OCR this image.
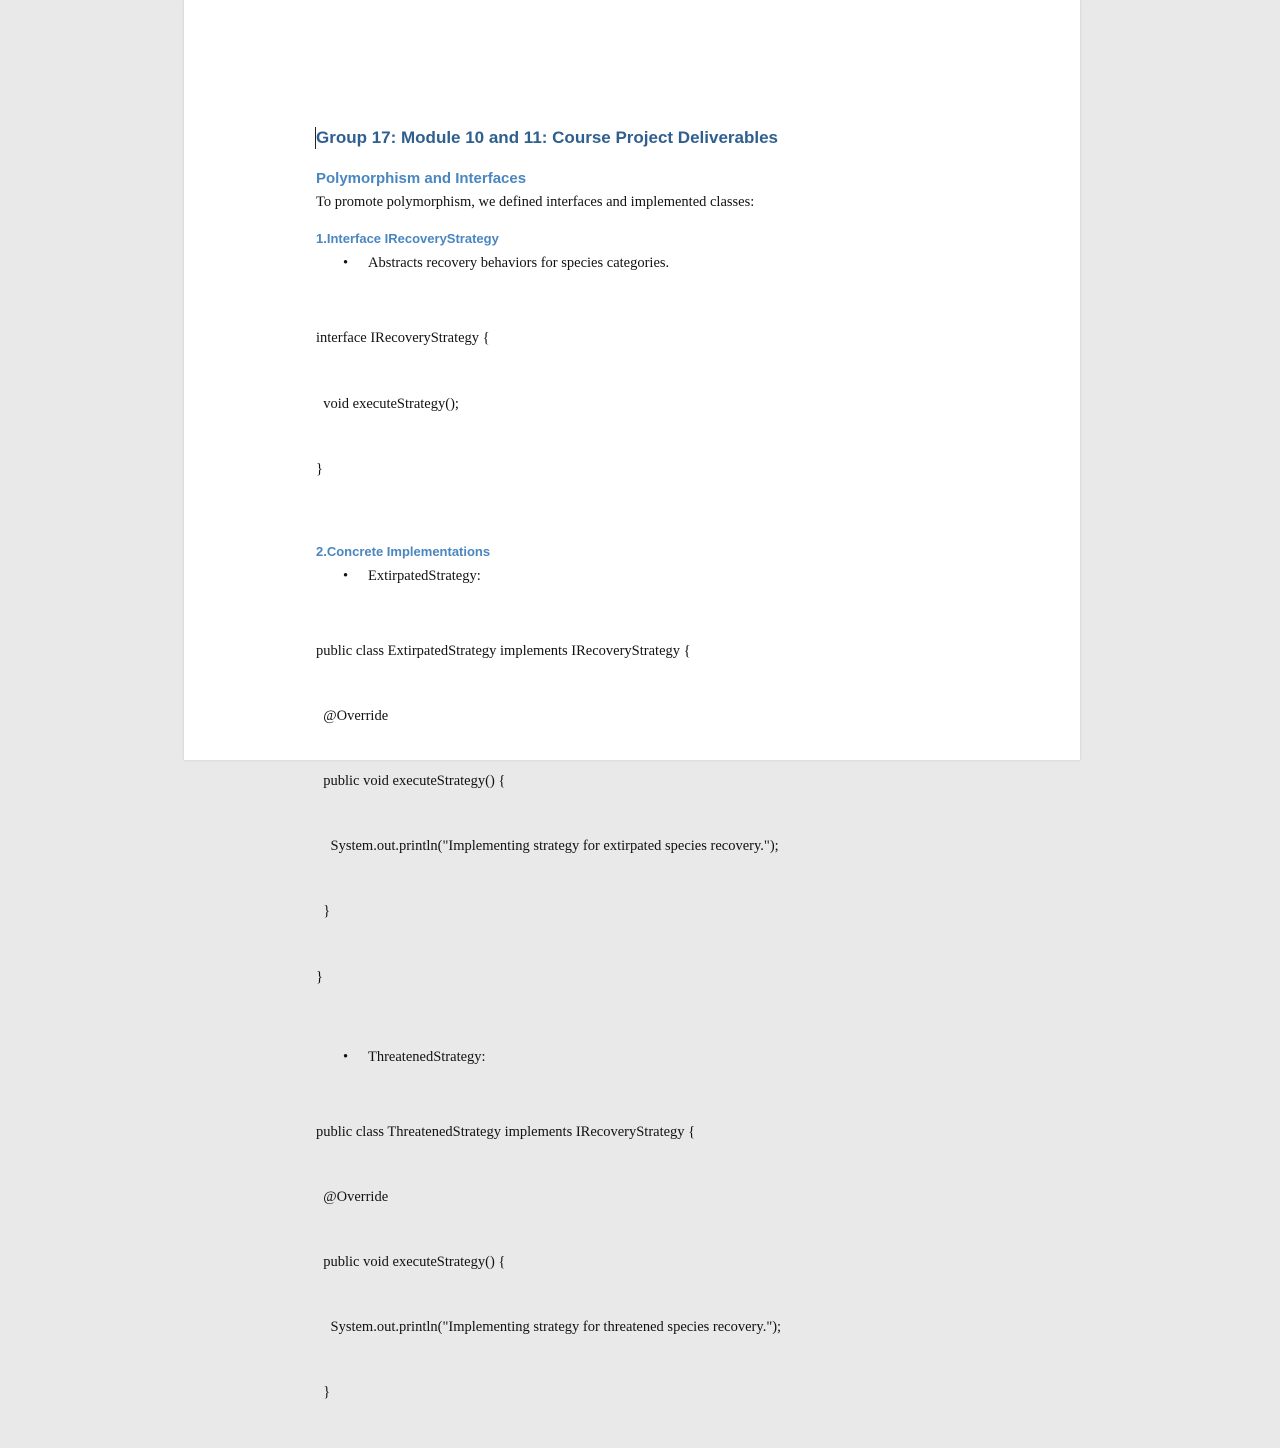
Group 17: Module 10 and 11: Course Project Deliverables
Polymorphism and Interfaces
To promote polymorphism, we defined interfaces and implemented classes:
1.Interface IRecoveryStrategy
• Abstracts recovery behaviors for species categories.

interface IRecoveryStrategy {

void executeStrategy();

}

2.Concrete Implementations
• ExtirpatedStrategy:

public class ExtirpatedStrategy implements IRecoveryStrategy {

@Override

public void executeStrategy() {

System.out.println("Implementing strategy for extirpated species recovery.");

}

}

• ThreatenedStrategy:

public class ThreatenedStrategy implements IRecoveryStrategy {

@Override

public void executeStrategy() {

System.out.println("Implementing strategy for threatened species recovery.");

}
